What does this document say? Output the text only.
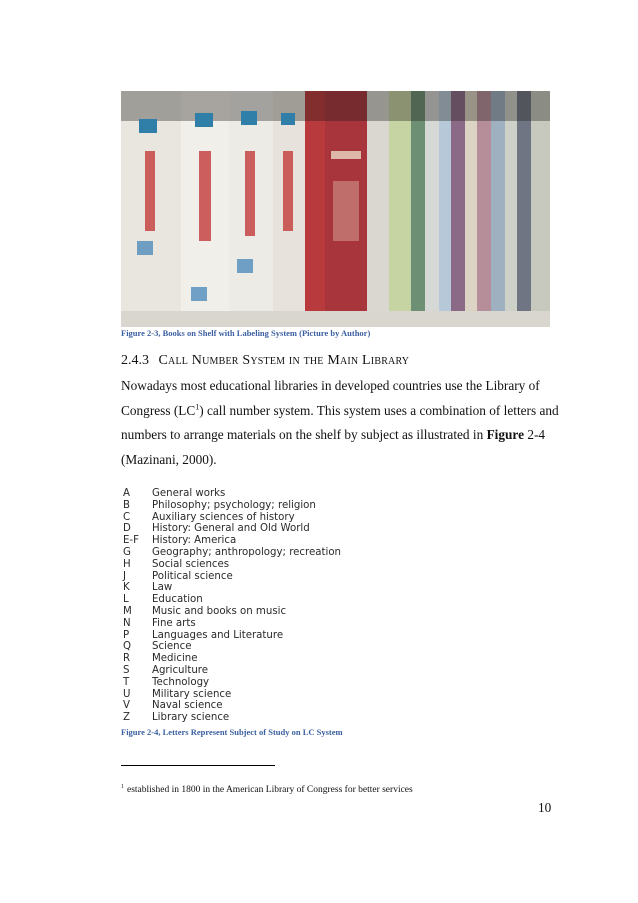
Figure 2-3, Books on Shelf with Labeling System (Picture by Author)
2.4.3 Call Number System in the Main Library
Nowadays most educational libraries in developed countries use the Library of Congress $(LC^1)$ call number system. This system uses a combination of letters and numbers to arrange materials on the shelf by subject as illustrated in Figure 2-4 (Mazinani, 2000).
A	General works
B	Philosophy; psychology; religion
C	Auxiliary sciences of history
D	History: General and Old World
E-F	History: America
G	Geography; anthropology; recreation
H	Social sciences
J	Political science
K	Law
L	Education
M	Music and books on music
N	Fine arts
P	Languages and Literature
Q	Science
R	Medicine
S	Agriculture
T	Technology
U	Military science
V	Naval science
Z	Library science
Figure 2-4, Letters Represent Subject of Study on LC System
$^1$ established in 1800 in the American Library of Congress for better services
10
